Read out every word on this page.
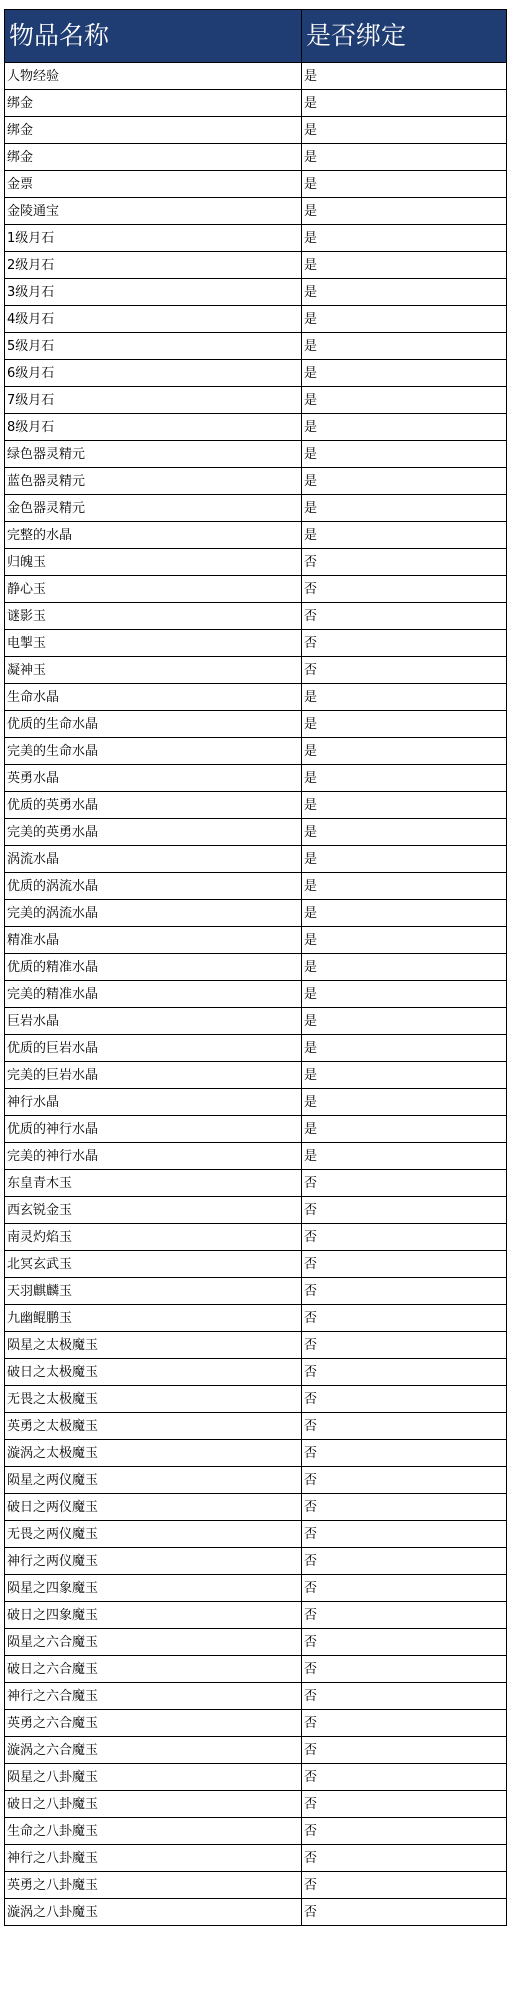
物品名称	是否绑定
人物经验	是
绑金	是
绑金	是
绑金	是
金票	是
金陵通宝	是
1级月石	是
2级月石	是
3级月石	是
4级月石	是
5级月石	是
6级月石	是
7级月石	是
8级月石	是
绿色器灵精元	是
蓝色器灵精元	是
金色器灵精元	是
完整的水晶	是
归魄玉	否
静心玉	否
谜影玉	否
电掣玉	否
凝神玉	否
生命水晶	是
优质的生命水晶	是
完美的生命水晶	是
英勇水晶	是
优质的英勇水晶	是
完美的英勇水晶	是
涡流水晶	是
优质的涡流水晶	是
完美的涡流水晶	是
精准水晶	是
优质的精准水晶	是
完美的精准水晶	是
巨岩水晶	是
优质的巨岩水晶	是
完美的巨岩水晶	是
神行水晶	是
优质的神行水晶	是
完美的神行水晶	是
东皇青木玉	否
西玄锐金玉	否
南灵灼焰玉	否
北冥玄武玉	否
天羽麒麟玉	否
九幽鲲鹏玉	否
陨星之太极魔玉	否
破日之太极魔玉	否
无畏之太极魔玉	否
英勇之太极魔玉	否
漩涡之太极魔玉	否
陨星之两仪魔玉	否
破日之两仪魔玉	否
无畏之两仪魔玉	否
神行之两仪魔玉	否
陨星之四象魔玉	否
破日之四象魔玉	否
陨星之六合魔玉	否
破日之六合魔玉	否
神行之六合魔玉	否
英勇之六合魔玉	否
漩涡之六合魔玉	否
陨星之八卦魔玉	否
破日之八卦魔玉	否
生命之八卦魔玉	否
神行之八卦魔玉	否
英勇之八卦魔玉	否
漩涡之八卦魔玉	否
